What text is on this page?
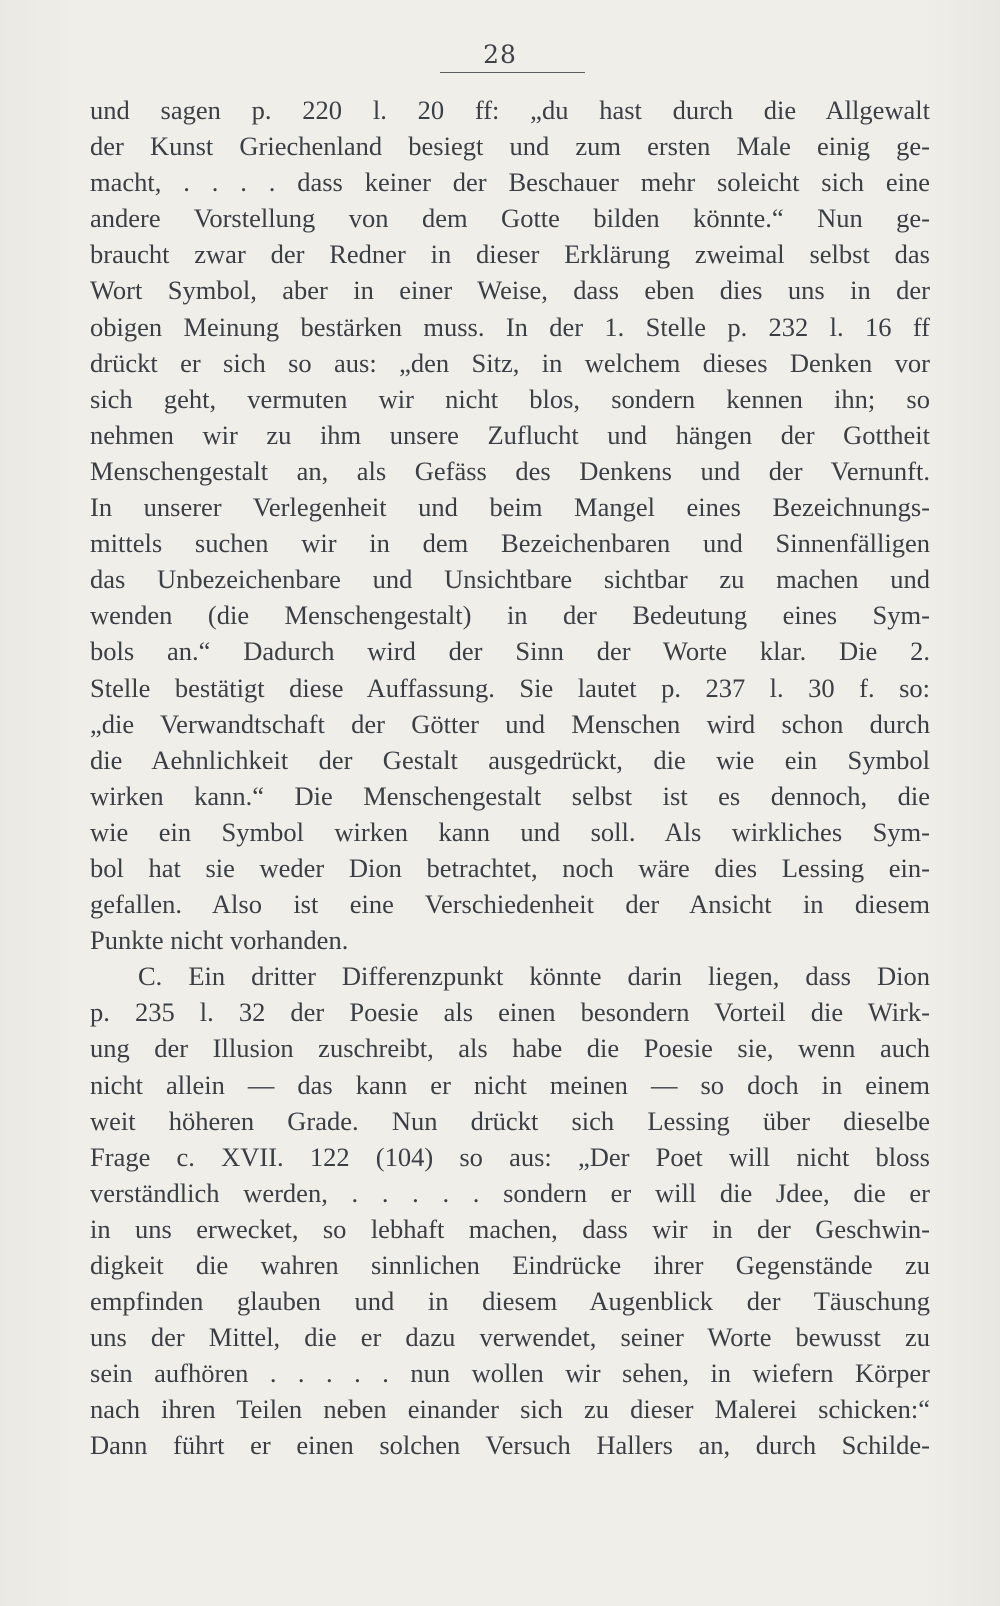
28
und sagen p. 220 l. 20 ff: „du hast durch die Allgewalt
der Kunst Griechenland besiegt und zum ersten Male einig ge-
macht, . . . . dass keiner der Beschauer mehr soleicht sich eine
andere Vorstellung von dem Gotte bilden könnte.“ Nun ge-
braucht zwar der Redner in dieser Erklärung zweimal selbst das
Wort Symbol, aber in einer Weise, dass eben dies uns in der
obigen Meinung bestärken muss. In der 1. Stelle p. 232 l. 16 ff
drückt er sich so aus: „den Sitz, in welchem dieses Denken vor
sich geht, vermuten wir nicht blos, sondern kennen ihn; so
nehmen wir zu ihm unsere Zuflucht und hängen der Gottheit
Menschengestalt an, als Gefäss des Denkens und der Vernunft.
In unserer Verlegenheit und beim Mangel eines Bezeichnungs-
mittels suchen wir in dem Bezeichenbaren und Sinnenfälligen
das Unbezeichenbare und Unsichtbare sichtbar zu machen und
wenden (die Menschengestalt) in der Bedeutung eines Sym-
bols an.“ Dadurch wird der Sinn der Worte klar. Die 2.
Stelle bestätigt diese Auffassung. Sie lautet p. 237 l. 30 f. so:
„die Verwandtschaft der Götter und Menschen wird schon durch
die Aehnlichkeit der Gestalt ausgedrückt, die wie ein Symbol
wirken kann.“ Die Menschengestalt selbst ist es dennoch, die
wie ein Symbol wirken kann und soll. Als wirkliches Sym-
bol hat sie weder Dion betrachtet, noch wäre dies Lessing ein-
gefallen. Also ist eine Verschiedenheit der Ansicht in diesem
Punkte nicht vorhanden.
C. Ein dritter Differenzpunkt könnte darin liegen, dass Dion
p. 235 l. 32 der Poesie als einen besondern Vorteil die Wirk-
ung der Illusion zuschreibt, als habe die Poesie sie, wenn auch
nicht allein — das kann er nicht meinen — so doch in einem
weit höheren Grade. Nun drückt sich Lessing über dieselbe
Frage c. XVII. 122 (104) so aus: „Der Poet will nicht bloss
verständlich werden, . . . . . sondern er will die Jdee, die er
in uns erwecket, so lebhaft machen, dass wir in der Geschwin-
digkeit die wahren sinnlichen Eindrücke ihrer Gegenstände zu
empfinden glauben und in diesem Augenblick der Täuschung
uns der Mittel, die er dazu verwendet, seiner Worte bewusst zu
sein aufhören . . . . . nun wollen wir sehen, in wiefern Körper
nach ihren Teilen neben einander sich zu dieser Malerei schicken:“
Dann führt er einen solchen Versuch Hallers an, durch Schilde-
